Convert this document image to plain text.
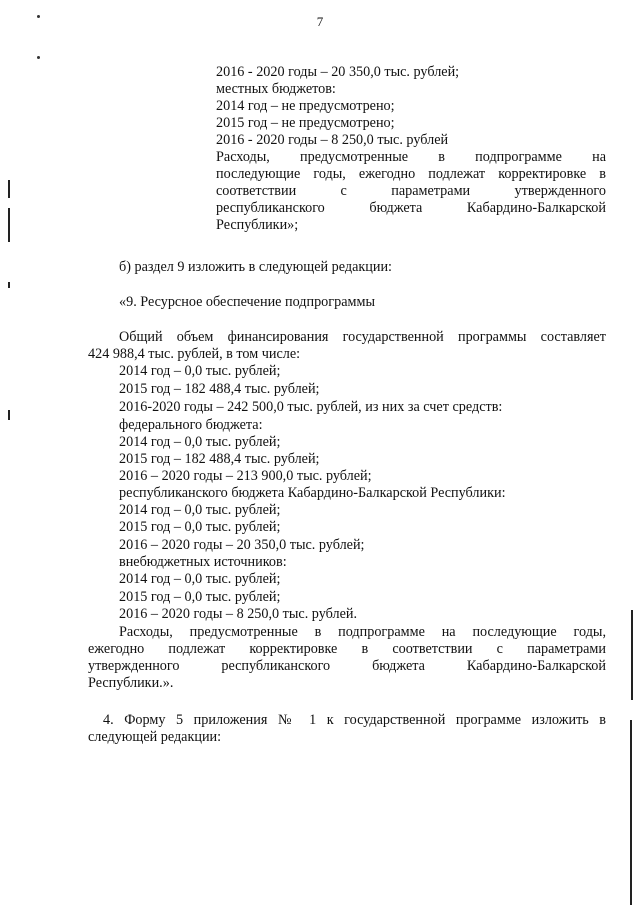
7
2016 - 2020 годы – 20 350,0 тыс. рублей;
местных бюджетов:
2014 год – не предусмотрено;
2015 год – не предусмотрено;
2016 - 2020 годы – 8 250,0 тыс. рублей
Расходы, предусмотренные в подпрограмме на
последующие годы, ежегодно подлежат корректировке в
соответствии с параметрами утвержденного
республиканского бюджета Кабардино-Балкарской
Республики»;
б) раздел 9 изложить в следующей редакции:
«9. Ресурсное обеспечение подпрограммы
Общий объем финансирования государственной программы составляет
424 988,4 тыс. рублей, в том числе:
2014 год – 0,0 тыс. рублей;
2015 год – 182 488,4 тыс. рублей;
2016-2020 годы – 242 500,0 тыс. рублей, из них за счет средств:
федерального бюджета:
2014 год – 0,0 тыс. рублей;
2015 год – 182 488,4 тыс. рублей;
2016 – 2020 годы – 213 900,0 тыс. рублей;
республиканского бюджета Кабардино-Балкарской Республики:
2014 год – 0,0 тыс. рублей;
2015 год – 0,0 тыс. рублей;
2016 – 2020 годы – 20 350,0 тыс. рублей;
внебюджетных источников:
2014 год – 0,0 тыс. рублей;
2015 год – 0,0 тыс. рублей;
2016 – 2020 годы – 8 250,0 тыс. рублей.
Расходы, предусмотренные в подпрограмме на последующие годы,
ежегодно подлежат корректировке в соответствии с параметрами
утвержденного республиканского бюджета Кабардино-Балкарской
Республики.».
4. Форму 5 приложения № 1 к государственной программе изложить в
следующей редакции:
